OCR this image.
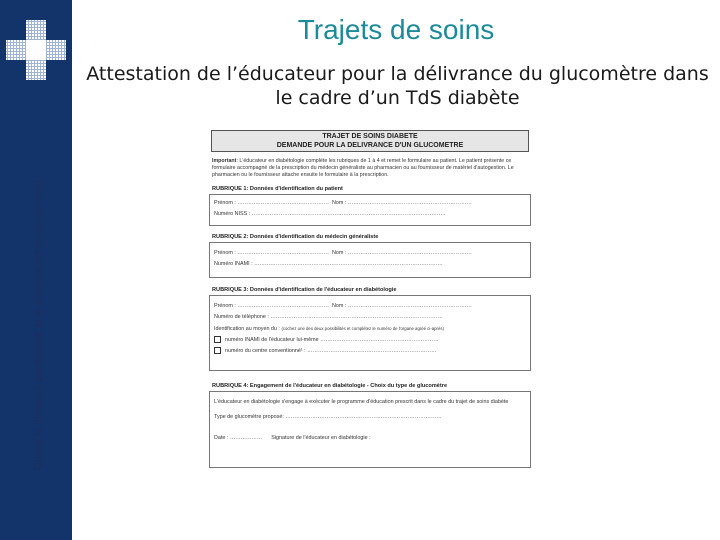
Quand le médecin généraliste et le pharmacien se rencontrent…
Trajets de soins
Attestation de l’éducateur pour la délivrance du glucomètre dans le cadre d’un TdS diabète
TRAJET DE SOINS DIABETE
DEMANDE POUR LA DELIVRANCE D'UN GLUCOMETRE
Important: L'éducateur en diabétologie complète les rubriques de 1 à 4 et remet le formulaire au patient. Le patient présente ce formulaire accompagné de la prescription du médecin généraliste au pharmacien ou au fournisseur de matériel d'autogestion. Le pharmacien ou le fournisseur attache ensuite le formulaire à la prescription.
RUBRIQUE 1: Données d'identification du patient
Prénom : …………………………………………… Nom : ……………………………………………………………
Numéro NISS : ………………………………………………………………………………………………
RUBRIQUE 2: Données d'identification du médecin généraliste
Prénom : …………………………………………… Nom : ……………………………………………………………
Numéro INAMI : ……………………………………………………………………………………………
RUBRIQUE 3: Données d'identification de l'éducateur en diabétologie
Prénom : …………………………………………… Nom : ……………………………………………………………
Numéro de téléphone : ……………………………………………………………………………………
Identification au moyen du : (cochez une des deux possibilités et complétez le numéro de l'organe agréé ci-après)
numéro INAMI de l'éducateur lui-même …………………………………………………………
numéro du centre conventionné¹ : ………………………………………………………………
RUBRIQUE 4: Engagement de l'éducateur en diabétologie - Choix du type de glucomètre
L'éducateur en diabétologie s'engage à exécuter le programme d'éducation prescrit dans le cadre du trajet de soins diabète
Type de glucomètre proposé: ……………………………………………………………………………
Date : ……………… Signature de l'éducateur en diabétologie :
